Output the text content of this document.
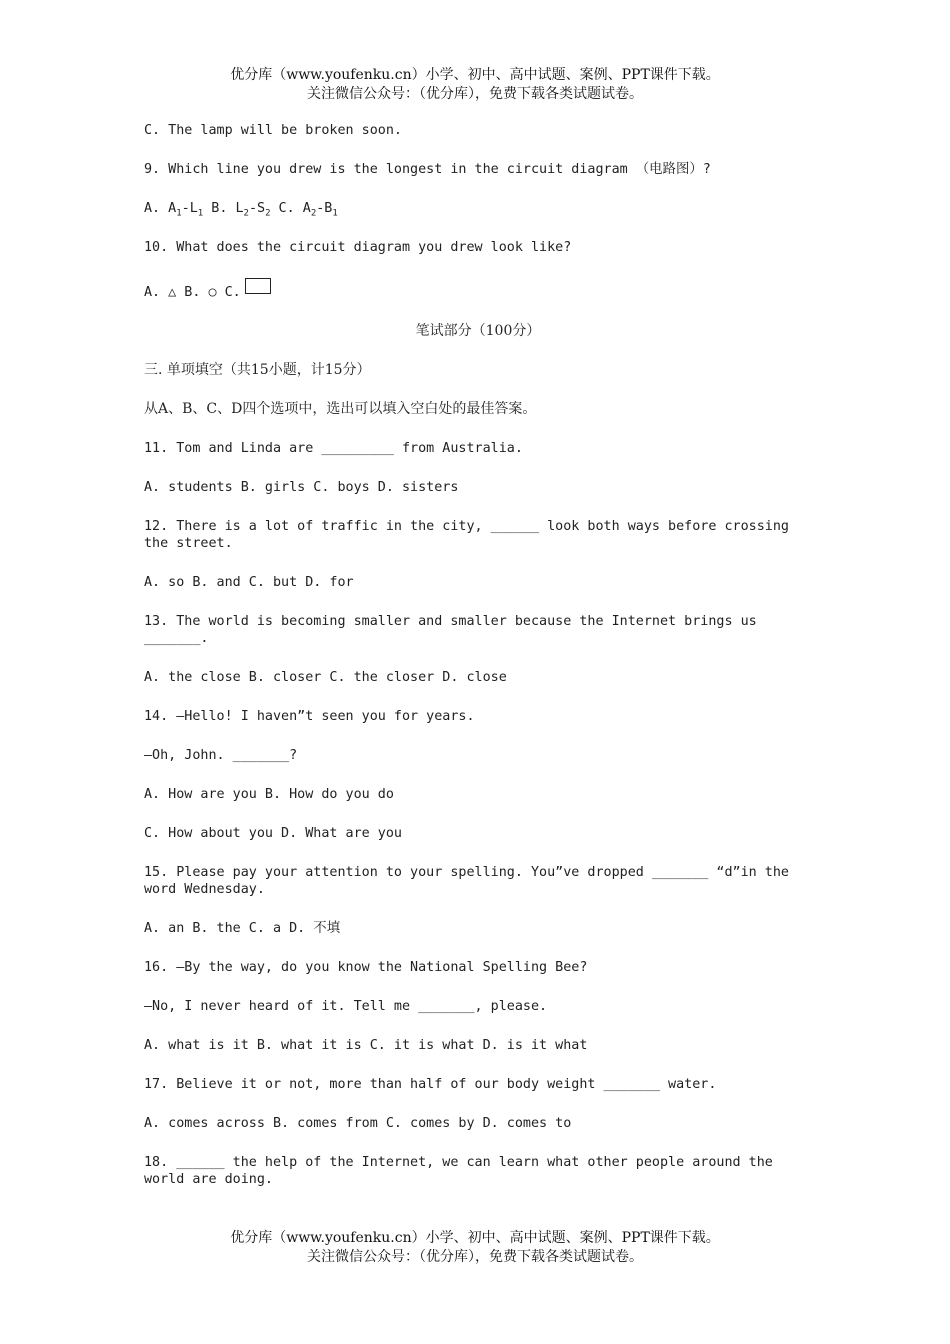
优分库（www.youfenku.cn）小学、初中、高中试题、案例、PPT课件下载。
关注微信公众号：（优分库），免费下载各类试题试卷。

C. The lamp will be broken soon.

9. Which line you drew is the longest in the circuit diagram （电路图）?

A. $A_1-L_1$ B. $L_2-S_2$ C. $A_2-B_1$

10. What does the circuit diagram you drew look like?

A. △ B. ○ C.

笔试部分（100分）

三. 单项填空（共15小题，计15分）

从A、B、C、D四个选项中，选出可以填入空白处的最佳答案。

11. Tom and Linda are _________ from Australia.

A. students B. girls C. boys D. sisters

12. There is a lot of traffic in the city, ______ look both ways before crossing the street.

A. so B. and C. but D. for

13. The world is becoming smaller and smaller because the Internet brings us _______.

A. the close B. closer C. the closer D. close

14. —Hello! I haven”t seen you for years.

—Oh, John. _______?

A. How are you B. How do you do

C. How about you D. What are you

15. Please pay your attention to your spelling. You”ve dropped _______ “d”in the word Wednesday.

A. an B. the C. a D. 不填

16. —By the way, do you know the National Spelling Bee?

—No, I never heard of it. Tell me _______, please.

A. what is it B. what it is C. it is what D. is it what

17. Believe it or not, more than half of our body weight _______ water.

A. comes across B. comes from C. comes by D. comes to

18. ______ the help of the Internet, we can learn what other people around the world are doing.

优分库（www.youfenku.cn）小学、初中、高中试题、案例、PPT课件下载。
关注微信公众号：（优分库），免费下载各类试题试卷。
